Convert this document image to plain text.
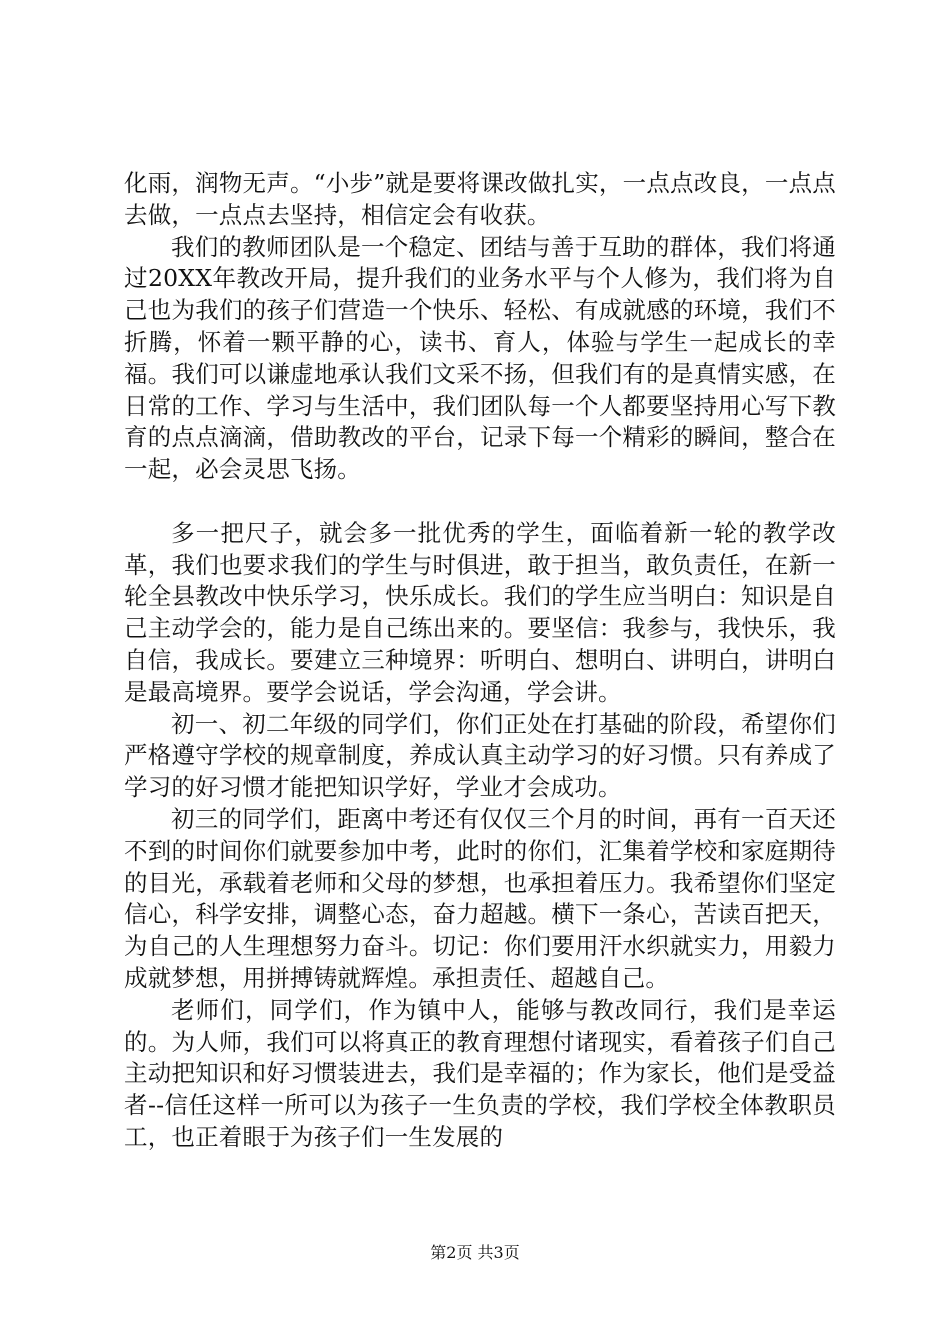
化雨，润物无声。“小步”就是要将课改做扎实，一点点改良，一点点去做，一点点去坚持，相信定会有收获。

我们的教师团队是一个稳定、团结与善于互助的群体，我们将通过20XX年教改开局，提升我们的业务水平与个人修为，我们将为自己也为我们的孩子们营造一个快乐、轻松、有成就感的环境，我们不折腾，怀着一颗平静的心，读书、育人，体验与学生一起成长的幸福。我们可以谦虚地承认我们文采不扬，但我们有的是真情实感，在日常的工作、学习与生活中，我们团队每一个人都要坚持用心写下教育的点点滴滴，借助教改的平台，记录下每一个精彩的瞬间，整合在一起，必会灵思飞扬。

多一把尺子，就会多一批优秀的学生，面临着新一轮的教学改革，我们也要求我们的学生与时俱进，敢于担当，敢负责任，在新一轮全县教改中快乐学习，快乐成长。我们的学生应当明白：知识是自己主动学会的，能力是自己练出来的。要坚信：我参与，我快乐，我自信，我成长。要建立三种境界：听明白、想明白、讲明白，讲明白是最高境界。要学会说话，学会沟通，学会讲。

初一、初二年级的同学们，你们正处在打基础的阶段，希望你们严格遵守学校的规章制度，养成认真主动学习的好习惯。只有养成了学习的好习惯才能把知识学好，学业才会成功。

初三的同学们，距离中考还有仅仅三个月的时间，再有一百天还不到的时间你们就要参加中考，此时的你们，汇集着学校和家庭期待的目光，承载着老师和父母的梦想，也承担着压力。我希望你们坚定信心，科学安排，调整心态，奋力超越。横下一条心，苦读百把天，为自己的人生理想努力奋斗。切记：你们要用汗水织就实力，用毅力成就梦想，用拼搏铸就辉煌。承担责任、超越自己。

老师们，同学们，作为镇中人，能够与教改同行，我们是幸运的。为人师，我们可以将真正的教育理想付诸现实，看着孩子们自己主动把知识和好习惯装进去，我们是幸福的；作为家长，他们是受益者--信任这样一所可以为孩子一生负责的学校，我们学校全体教职员工，也正着眼于为孩子们一生发展的

第2页 共3页
